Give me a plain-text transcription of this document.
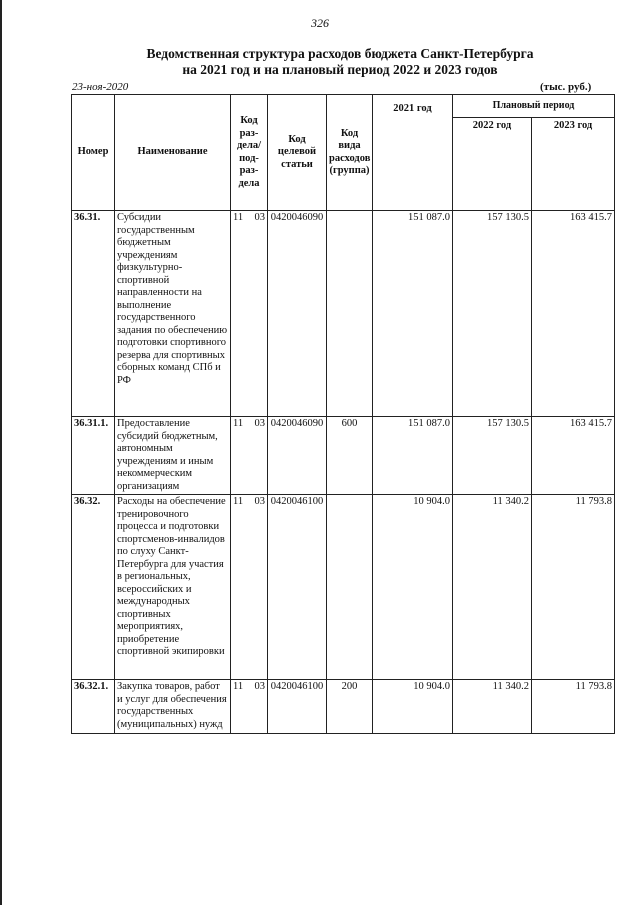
326
Ведомственная структура расходов бюджета Санкт-Петербурга
на 2021 год и на плановый период 2022 и 2023 годов
23-ноя-2020	(тыс. руб.)
Номер	Наименование	Код раз-дела/ под-раз-дела	Код целевой статьи	Код вида расходов (группа)	2021 год	Плановый период	
						2022 год	2023 год
36.31.	Субсидии государственным бюджетным учреждениям физкультурно-спортивной направленности на выполнение государственного задания по обеспечению подготовки спортивного резерва для спортивных сборных команд СПб и РФ	11 03	0420046090		151 087.0	157 130.5	163 415.7
36.31.1.	Предоставление субсидий бюджетным, автономным учреждениям и иным некоммерческим организациям	11 03	0420046090	600	151 087.0	157 130.5	163 415.7
36.32.	Расходы на обеспечение тренировочного процесса и подготовки спортсменов-инвалидов по слуху Санкт-Петербурга для участия в региональных, всероссийских и международных спортивных мероприятиях, приобретение спортивной экипировки	11 03	0420046100		10 904.0	11 340.2	11 793.8
36.32.1.	Закупка товаров, работ и услуг для обеспечения государственных (муниципальных) нужд	11 03	0420046100	200	10 904.0	11 340.2	11 793.8
